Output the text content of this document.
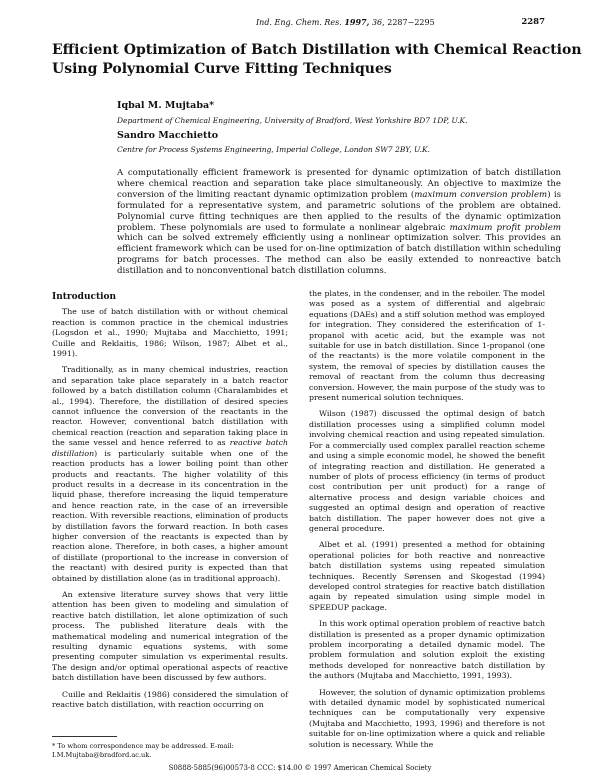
Ind. Eng. Chem. Res. 1997, 36, 2287−2295	2287
Efficient Optimization of Batch Distillation with Chemical Reaction
Using Polynomial Curve Fitting Techniques
Iqbal M. Mujtaba*
Department of Chemical Engineering, University of Bradford, West Yorkshire BD7 1DP, U.K.
Sandro Macchietto
Centre for Process Systems Engineering, Imperial College, London SW7 2BY, U.K.

A computationally efficient framework is presented for dynamic optimization of batch distillation where chemical reaction and separation take place simultaneously. An objective to maximize the conversion of the limiting reactant dynamic optimization problem (maximum conversion problem) is formulated for a representative system, and parametric solutions of the problem are obtained. Polynomial curve fitting techniques are then applied to the results of the dynamic optimization problem. These polynomials are used to formulate a nonlinear algebraic maximum profit problem which can be solved extremely efficiently using a nonlinear optimization solver. This provides an efficient framework which can be used for on-line optimization of batch distillation within scheduling programs for batch processes. The method can also be easily extended to nonreactive batch distillation and to nonconventional batch distillation columns.

Introduction

The use of batch distillation with or without chemical reaction is common practice in the chemical industries (Logsdon et al., 1990; Mujtaba and Macchietto, 1991; Cuille and Reklaitis, 1986; Wilson, 1987; Albet et al., 1991).

Traditionally, as in many chemical industries, reaction and separation take place separately in a batch reactor followed by a batch distillation column (Charalambides et al., 1994). Therefore, the distillation of desired species cannot influence the conversion of the reactants in the reactor. However, conventional batch distillation with chemical reaction (reaction and separation taking place in the same vessel and hence referred to as reactive batch distillation) is particularly suitable when one of the reaction products has a lower boiling point than other products and reactants. The higher volatility of this product results in a decrease in its concentration in the liquid phase, therefore increasing the liquid temperature and hence reaction rate, in the case of an irreversible reaction. With reversible reactions, elimination of products by distillation favors the forward reaction. In both cases higher conversion of the reactants is expected than by reaction alone. Therefore, in both cases, a higher amount of distillate (proportional to the increase in conversion of the reactant) with desired purity is expected than that obtained by distillation alone (as in traditional approach).

An extensive literature survey shows that very little attention has been given to modeling and simulation of reactive batch distillation, let alone optimization of such process. The published literature deals with the mathematical modeling and numerical integration of the resulting dynamic equations systems, with some presenting computer simulation vs experimental results. The design and/or optimal operational aspects of reactive batch distillation have been discussed by few authors.

Cuille and Reklaitis (1986) considered the simulation of reactive batch distillation, with reaction occurring on

the plates, in the condenser, and in the reboiler. The model was posed as a system of differential and algebraic equations (DAEs) and a stiff solution method was employed for integration. They considered the esterification of 1-propanol with acetic acid, but the example was not suitable for use in batch distillation. Since 1-propanol (one of the reactants) is the more volatile component in the system, the removal of species by distillation causes the removal of reactant from the column thus decreasing conversion. However, the main purpose of the study was to present numerical solution techniques.

Wilson (1987) discussed the optimal design of batch distillation processes using a simplified column model involving chemical reaction and using repeated simulation. For a commercially used complex parallel reaction scheme and using a simple economic model, he showed the benefit of integrating reaction and distillation. He generated a number of plots of process efficiency (in terms of product cost contribution per unit product) for a range of alternative process and design variable choices and suggested an optimal design and operation of reactive batch distillation. The paper however does not give a general procedure.

Albet et al. (1991) presented a method for obtaining operational policies for both reactive and nonreactive batch distillation systems using repeated simulation techniques. Recently Sørensen and Skogestad (1994) developed control strategies for reactive batch distillation again by repeated simulation using simple model in SPEEDUP package.

In this work optimal operation problem of reactive batch distillation is presented as a proper dynamic optimization problem incorporating a detailed dynamic model. The problem formulation and solution exploit the existing methods developed for nonreactive batch distillation by the authors (Mujtaba and Macchietto, 1991, 1993).

However, the solution of dynamic optimization problems with detailed dynamic model by sophisticated numerical techniques can be computationally very expensive (Mujtaba and Macchietto, 1993, 1996) and therefore is not suitable for on-line optimization where a quick and reliable solution is necessary. While the

* To whom correspondence may be addressed. E-mail: I.M.Mujtaba@bradford.ac.uk.

S0888-5885(96)00573-8 CCC: $14.00 © 1997 American Chemical Society
